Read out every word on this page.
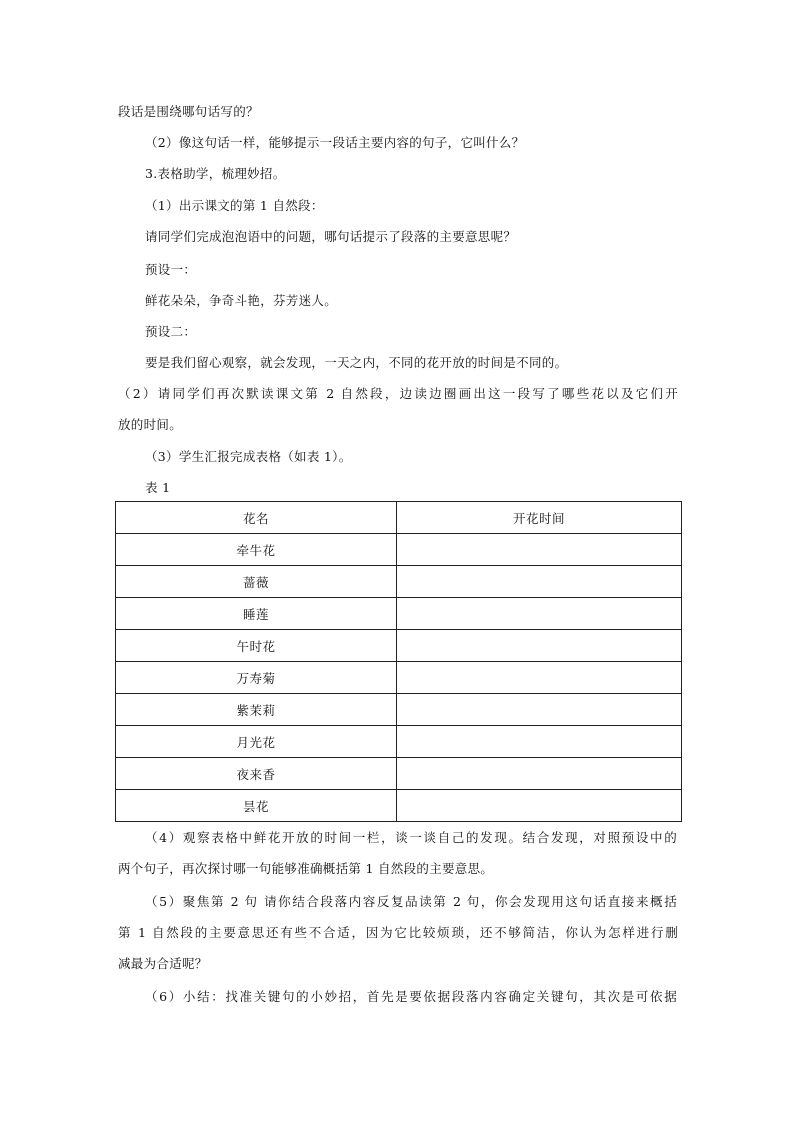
段话是围绕哪句话写的？
（2）像这句话一样，能够提示一段话主要内容的句子，它叫什么？
3.表格助学，梳理妙招。
（1）出示课文的第 1 自然段：
请同学们完成泡泡语中的问题，哪句话提示了段落的主要意思呢？
预设一：
鲜花朵朵，争奇斗艳，芬芳迷人。
预设二：
要是我们留心观察，就会发现，一天之内，不同的花开放的时间是不同的。
（2）请同学们再次默读课文第 2 自然段，边读边圈画出这一段写了哪些花以及它们开
放的时间。
（3）学生汇报完成表格（如表 1）。
表 1
花名	开花时间
牵牛花	
蔷薇	
睡莲	
午时花	
万寿菊	
紫茉莉	
月光花	
夜来香	
昙花	
（4）观察表格中鲜花开放的时间一栏，谈一谈自己的发现。结合发现，对照预设中的
两个句子，再次探讨哪一句能够准确概括第 1 自然段的主要意思。
（5）聚焦第 2 句 请你结合段落内容反复品读第 2 句，你会发现用这句话直接来概括
第 1 自然段的主要意思还有些不合适，因为它比较烦琐，还不够简洁，你认为怎样进行删
减最为合适呢？
（6）小结：找准关键句的小妙招，首先是要依据段落内容确定关键句，其次是可依据
